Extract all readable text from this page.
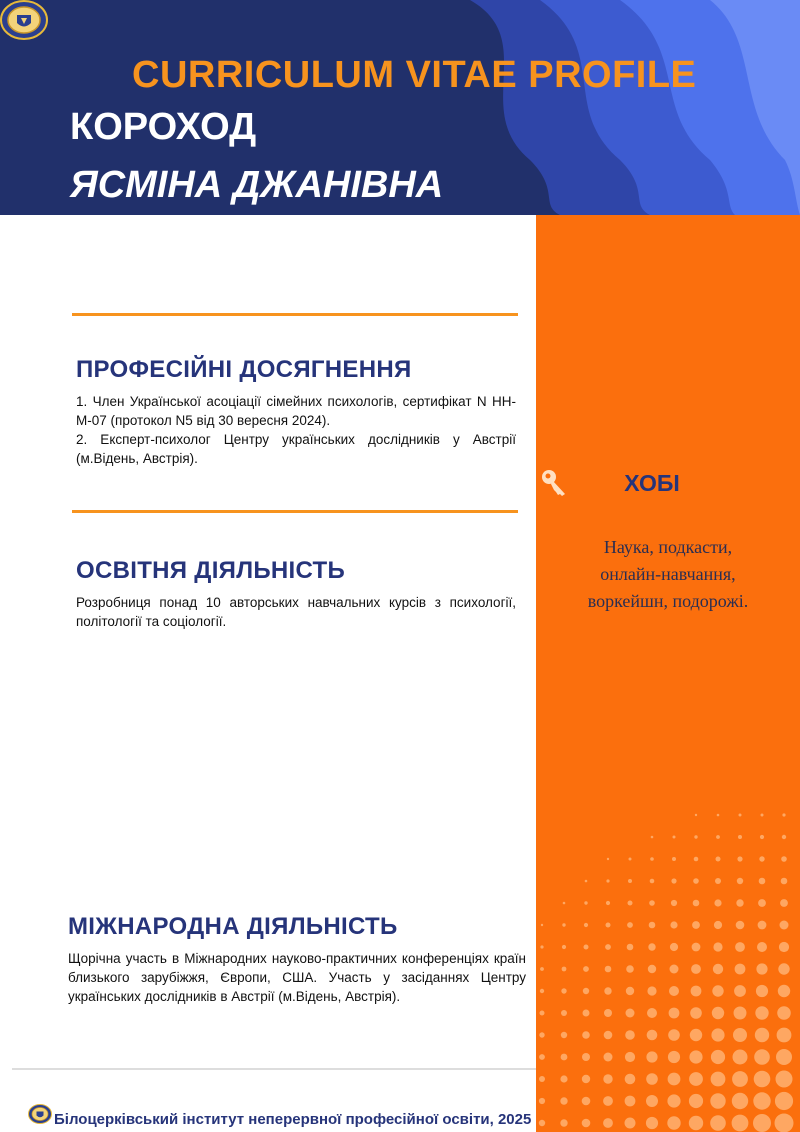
CURRICULUM VITAE PROFILE
КОРОХОД
ЯСМІНА ДЖАНІВНА
ХОБІ
Наука, подкасти,
онлайн-навчання,
воркейшн, подорожі.
ПРОФЕСІЙНІ ДОСЯГНЕННЯ
1. Член Української асоціації сімейних психологів, сертифікат N НН-М-07 (протокол N5 від 30 вересня 2024).
2. Експерт-психолог Центру українських дослідників у Австрії (м.Відень, Австрія).
ОСВІТНЯ ДІЯЛЬНІСТЬ
Розробниця понад 10 авторських навчальних курсів з психології, політології та соціології.
МІЖНАРОДНА ДІЯЛЬНІСТЬ
Щорічна участь в Міжнародних науково-практичних конференціях країн близького зарубіжжя, Європи, США. Участь у засіданнях Центру українських дослідників в Австрії (м.Відень, Австрія).
Білоцерківський інститут неперервної професійної освіти, 2025
